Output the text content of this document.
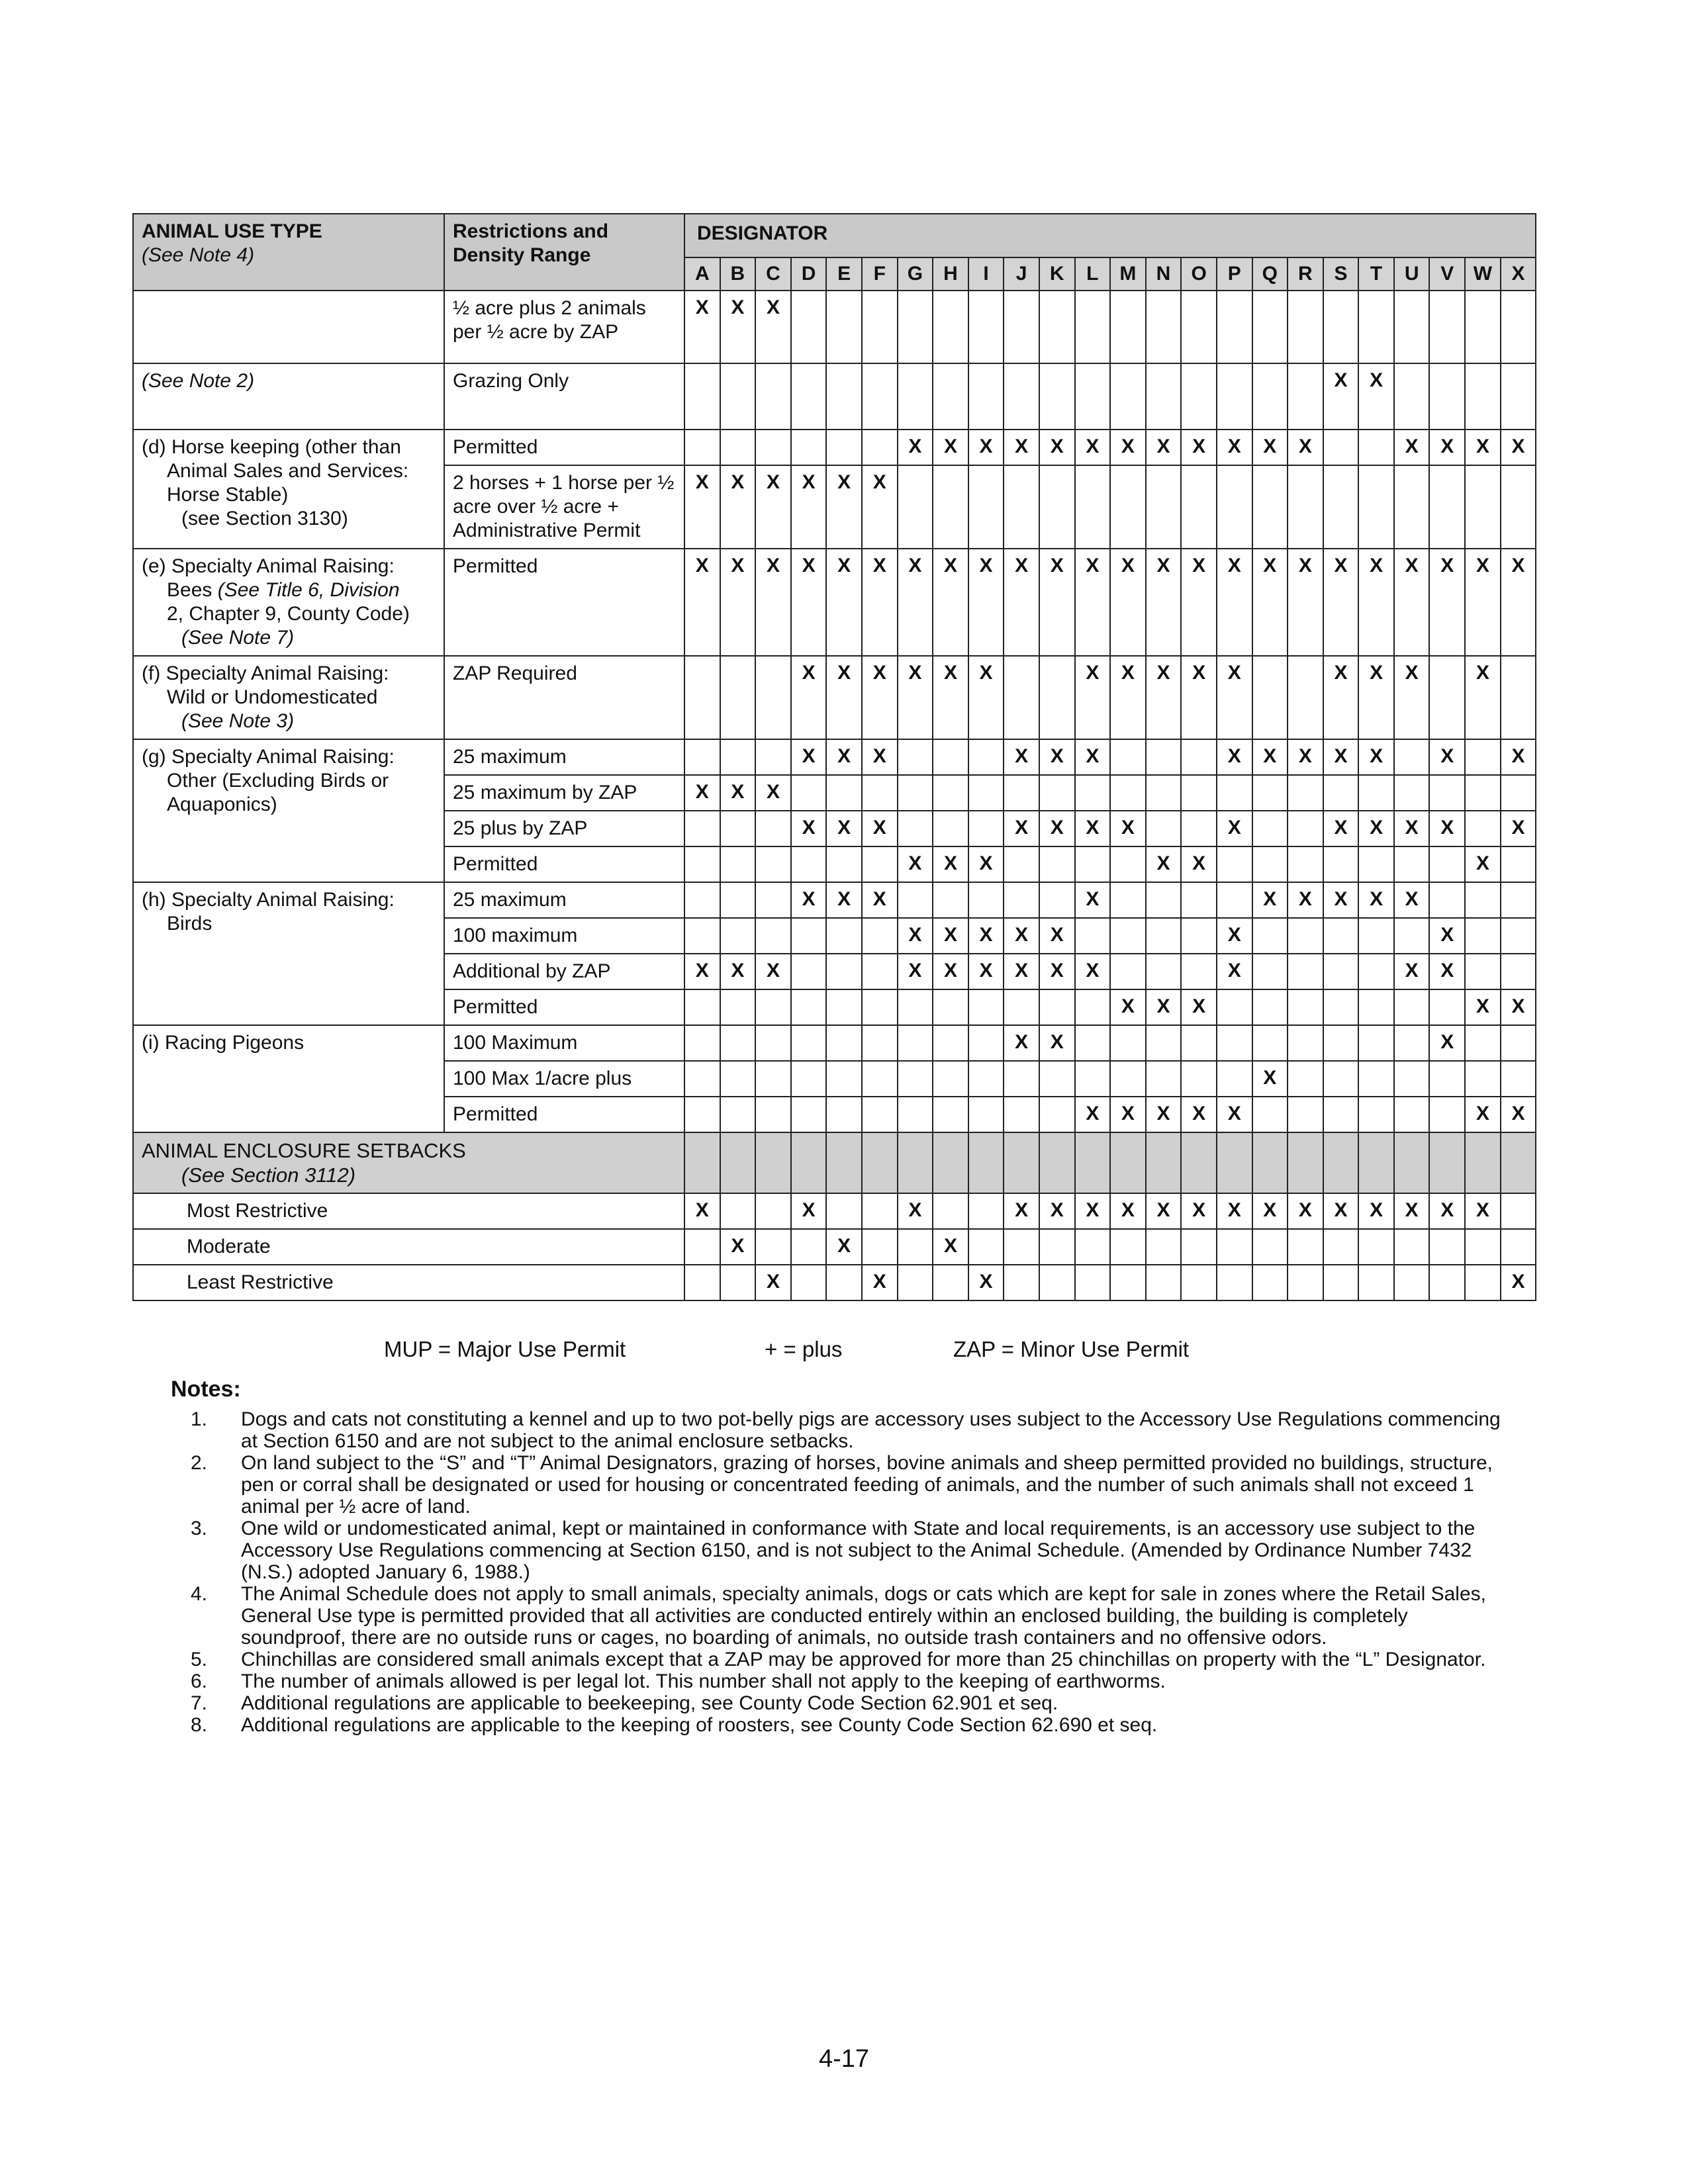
ANIMAL USE TYPE
(See Note 4)	Restrictions and Density Range	DESIGNATOR																							
		A	B	C	D	E	F	G	H	I	J	K	L	M	N	O	P	Q	R	S	T	U	V	W	X
	½ acre plus 2 animals per ½ acre by ZAP	X	X	X																					
(See Note 2)	Grazing Only																			X	X				

(d) Horse keeping (other than
Animal Sales and Services:
Horse Stable)
(see Section 3130)	Permitted							X	X	X	X	X	X	X	X	X	X	X	X			X	X	X	X
	2 horses + 1 horse per ½ acre over ½ acre + Administrative Permit	X	X	X	X	X	X																		

(e) Specialty Animal Raising:
Bees (See Title 6, Division
2, Chapter 9, County Code)
(See Note 7)	Permitted	X	X	X	X	X	X	X	X	X	X	X	X	X	X	X	X	X	X	X	X	X	X	X	X

(f) Specialty Animal Raising:
Wild or Undomesticated
(See Note 3)	ZAP Required				X	X	X	X	X	X			X	X	X	X	X			X	X	X		X	

(g) Specialty Animal Raising:
Other (Excluding Birds or
Aquaponics)	25 maximum				X	X	X				X	X	X				X	X	X	X	X		X		X
	25 maximum by ZAP	X	X	X																					
	25 plus by ZAP				X	X	X				X	X	X	X			X			X	X	X	X		X
	Permitted							X	X	X					X	X								X	

(h) Specialty Animal Raising:
Birds	25 maximum				X	X	X						X					X	X	X	X	X			
	100 maximum							X	X	X	X	X					X						X		
	Additional by ZAP	X	X	X				X	X	X	X	X	X				X					X	X		
	Permitted													X	X	X								X	X

(i) Racing Pigeons	100 Maximum										X	X											X		
	100 Max 1/acre plus																	X							
	Permitted												X	X	X	X	X							X	X

ANIMAL ENCLOSURE SETBACKS
(See Section 3112)																									

Most Restrictive		X			X			X			X	X	X	X	X	X	X	X	X	X	X	X	X	X	
Moderate			X			X			X																
Least Restrictive				X			X			X															X
MUP = Major Use Permit	+ = plus	ZAP = Minor Use Permit
Notes:
1.	Dogs and cats not constituting a kennel and up to two pot-belly pigs are accessory uses subject to the Accessory Use Regulations commencing at Section 6150 and are not subject to the animal enclosure setbacks.
2.	On land subject to the “S” and “T” Animal Designators, grazing of horses, bovine animals and sheep permitted provided no buildings, structure, pen or corral shall be designated or used for housing or concentrated feeding of animals, and the number of such animals shall not exceed 1 animal per ½ acre of land.
3.	One wild or undomesticated animal, kept or maintained in conformance with State and local requirements, is an accessory use subject to the Accessory Use Regulations commencing at Section 6150, and is not subject to the Animal Schedule. (Amended by Ordinance Number 7432 (N.S.) adopted January 6, 1988.)
4.	The Animal Schedule does not apply to small animals, specialty animals, dogs or cats which are kept for sale in zones where the Retail Sales, General Use type is permitted provided that all activities are conducted entirely within an enclosed building, the building is completely soundproof, there are no outside runs or cages, no boarding of animals, no outside trash containers and no offensive odors.
5.	Chinchillas are considered small animals except that a ZAP may be approved for more than 25 chinchillas on property with the “L” Designator.
6.	The number of animals allowed is per legal lot. This number shall not apply to the keeping of earthworms.
7.	Additional regulations are applicable to beekeeping, see County Code Section 62.901 et seq.
8.	Additional regulations are applicable to the keeping of roosters, see County Code Section 62.690 et seq.
4-17
